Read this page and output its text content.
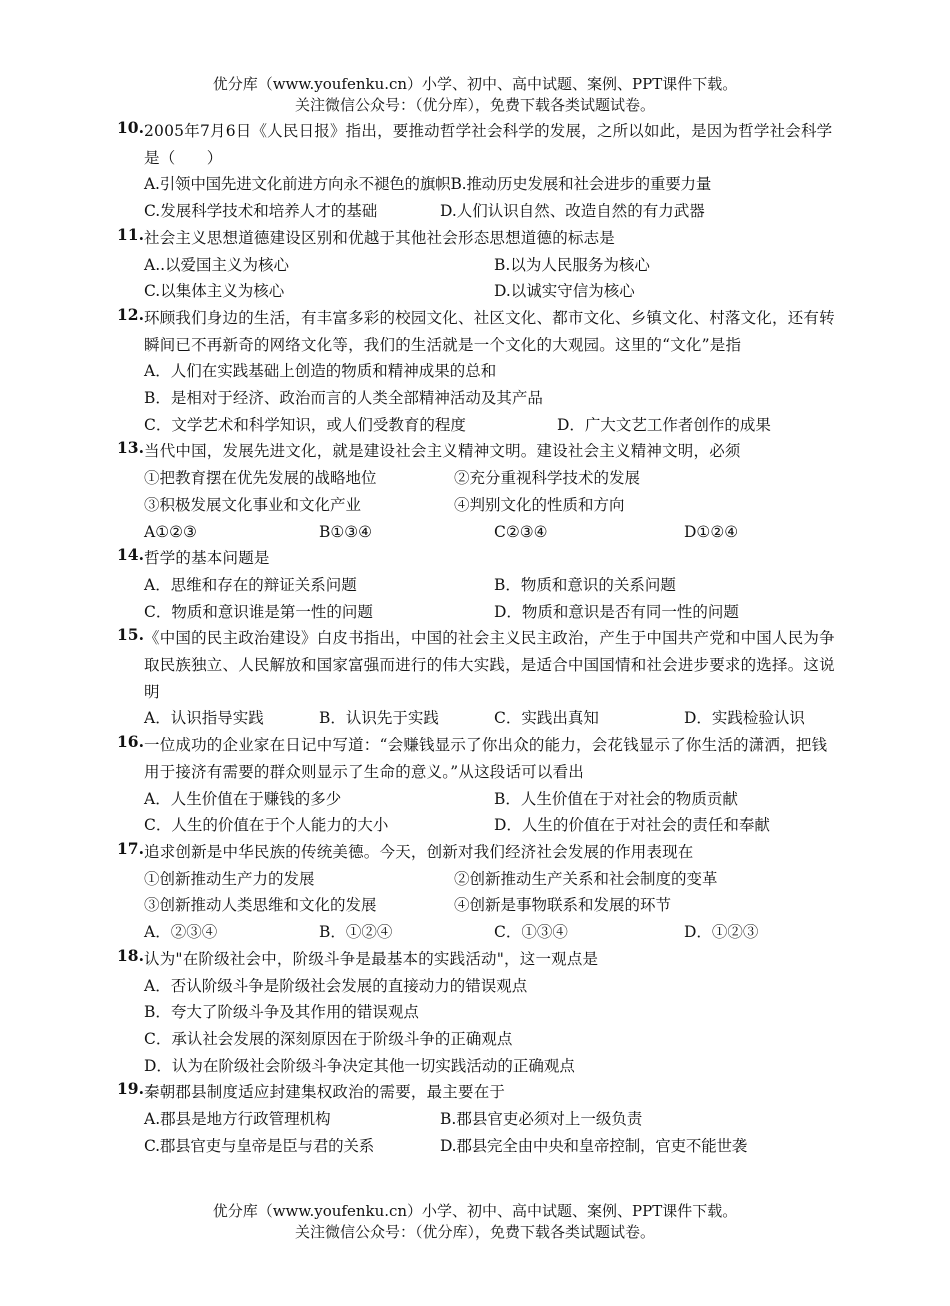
优分库（www.youfenku.cn）小学、初中、高中试题、案例、PPT课件下载。
关注微信公众号：（优分库），免费下载各类试题试卷。
10. 2005年7月6日《人民日报》指出，要推动哲学社会科学的发展，之所以如此，是因为哲学社会科学是（　　）
A.引领中国先进文化前进方向永不褪色的旗帜B.推动历史发展和社会进步的重要力量
C.发展科学技术和培养人才的基础	D.人们认识自然、改造自然的有力武器
11. 社会主义思想道德建设区别和优越于其他社会形态思想道德的标志是
A..以爱国主义为核心	B.以为人民服务为核心
C.以集体主义为核心	D.以诚实守信为核心
12. 环顾我们身边的生活，有丰富多彩的校园文化、社区文化、都市文化、乡镇文化、村落文化，还有转瞬间已不再新奇的网络文化等，我们的生活就是一个文化的大观园。这里的“文化”是指
A．人们在实践基础上创造的物质和精神成果的总和
B．是相对于经济、政治而言的人类全部精神活动及其产品
C．文学艺术和科学知识，或人们受教育的程度	D．广大文艺工作者创作的成果
13. 当代中国，发展先进文化，就是建设社会主义精神文明。建设社会主义精神文明，必须
①把教育摆在优先发展的战略地位	②充分重视科学技术的发展
③积极发展文化事业和文化产业	④判别文化的性质和方向
A①②③	B①③④	C②③④	D①②④
14. 哲学的基本问题是
A．思维和存在的辩证关系问题	B．物质和意识的关系问题
C．物质和意识谁是第一性的问题	D．物质和意识是否有同一性的问题
15. 《中国的民主政治建设》白皮书指出，中国的社会主义民主政治，产生于中国共产党和中国人民为争取民族独立、人民解放和国家富强而进行的伟大实践，是适合中国国情和社会进步要求的选择。这说明
A．认识指导实践	B．认识先于实践	C．实践出真知	D．实践检验认识
16. 一位成功的企业家在日记中写道：“会赚钱显示了你出众的能力，会花钱显示了你生活的潇洒，把钱用于接济有需要的群众则显示了生命的意义。”从这段话可以看出
A．人生价值在于赚钱的多少	B．人生价值在于对社会的物质贡献
C．人生的价值在于个人能力的大小	D．人生的价值在于对社会的责任和奉献
17. 追求创新是中华民族的传统美德。今天，创新对我们经济社会发展的作用表现在
①创新推动生产力的发展	②创新推动生产关系和社会制度的变革
③创新推动人类思维和文化的发展	④创新是事物联系和发展的环节
A．②③④	B．①②④	C．①③④	D．①②③
18. 认为"在阶级社会中，阶级斗争是最基本的实践活动"，这一观点是
A．否认阶级斗争是阶级社会发展的直接动力的错误观点
B．夸大了阶级斗争及其作用的错误观点
C．承认社会发展的深刻原因在于阶级斗争的正确观点
D．认为在阶级社会阶级斗争决定其他一切实践活动的正确观点
19. 秦朝郡县制度适应封建集权政治的需要，最主要在于
A.郡县是地方行政管理机构	B.郡县官吏必须对上一级负责
C.郡县官吏与皇帝是臣与君的关系	D.郡县完全由中央和皇帝控制，官吏不能世袭
优分库（www.youfenku.cn）小学、初中、高中试题、案例、PPT课件下载。
关注微信公众号：（优分库），免费下载各类试题试卷。
